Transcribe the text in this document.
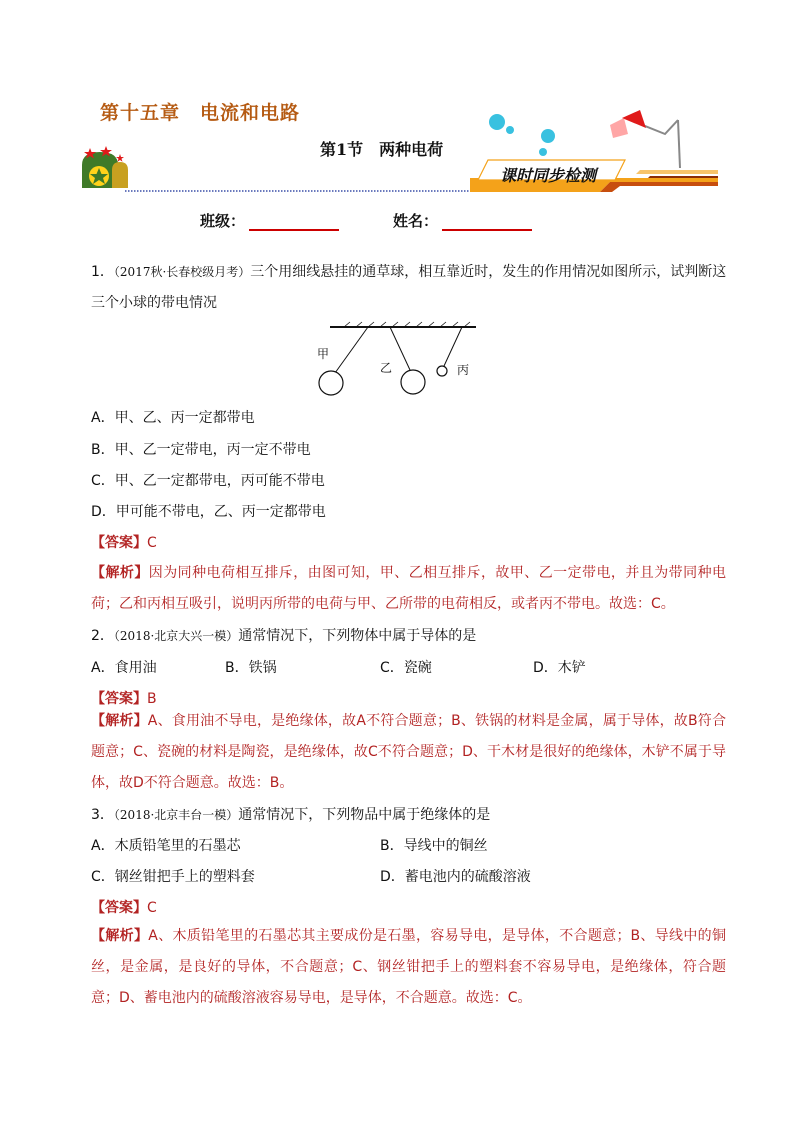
第十五章　电流和电路
第1节　两种电荷
课时同步检测
班级：	姓名：
1．（2017秋·长春校级月考）三个用细线悬挂的通草球，相互靠近时，发生的作用情况如图所示，试判断这三个小球的带电情况
甲
乙	丙
A．甲、乙、丙一定都带电
B．甲、乙一定带电，丙一定不带电
C．甲、乙一定都带电，丙可能不带电
D．甲可能不带电，乙、丙一定都带电
【答案】C
【解析】因为同种电荷相互排斥，由图可知，甲、乙相互排斥，故甲、乙一定带电，并且为带同种电荷；乙和丙相互吸引，说明丙所带的电荷与甲、乙所带的电荷相反，或者丙不带电。故选：C。
2．（2018·北京大兴一模）通常情况下，下列物体中属于导体的是
A．食用油	B．铁锅	C．瓷碗	D．木铲
【答案】B
【解析】A、食用油不导电，是绝缘体，故A不符合题意；B、铁锅的材料是金属，属于导体，故B符合题意；C、瓷碗的材料是陶瓷，是绝缘体，故C不符合题意；D、干木材是很好的绝缘体，木铲不属于导体，故D不符合题意。故选：B。
3．（2018·北京丰台一模）通常情况下，下列物品中属于绝缘体的是
A．木质铅笔里的石墨芯	B．导线中的铜丝
C．钢丝钳把手上的塑料套	D．蓄电池内的硫酸溶液
【答案】C
【解析】A、木质铅笔里的石墨芯其主要成份是石墨，容易导电，是导体，不合题意；B、导线中的铜丝，是金属，是良好的导体，不合题意；C、钢丝钳把手上的塑料套不容易导电，是绝缘体，符合题意；D、蓄电池内的硫酸溶液容易导电，是导体，不合题意。故选：C。
